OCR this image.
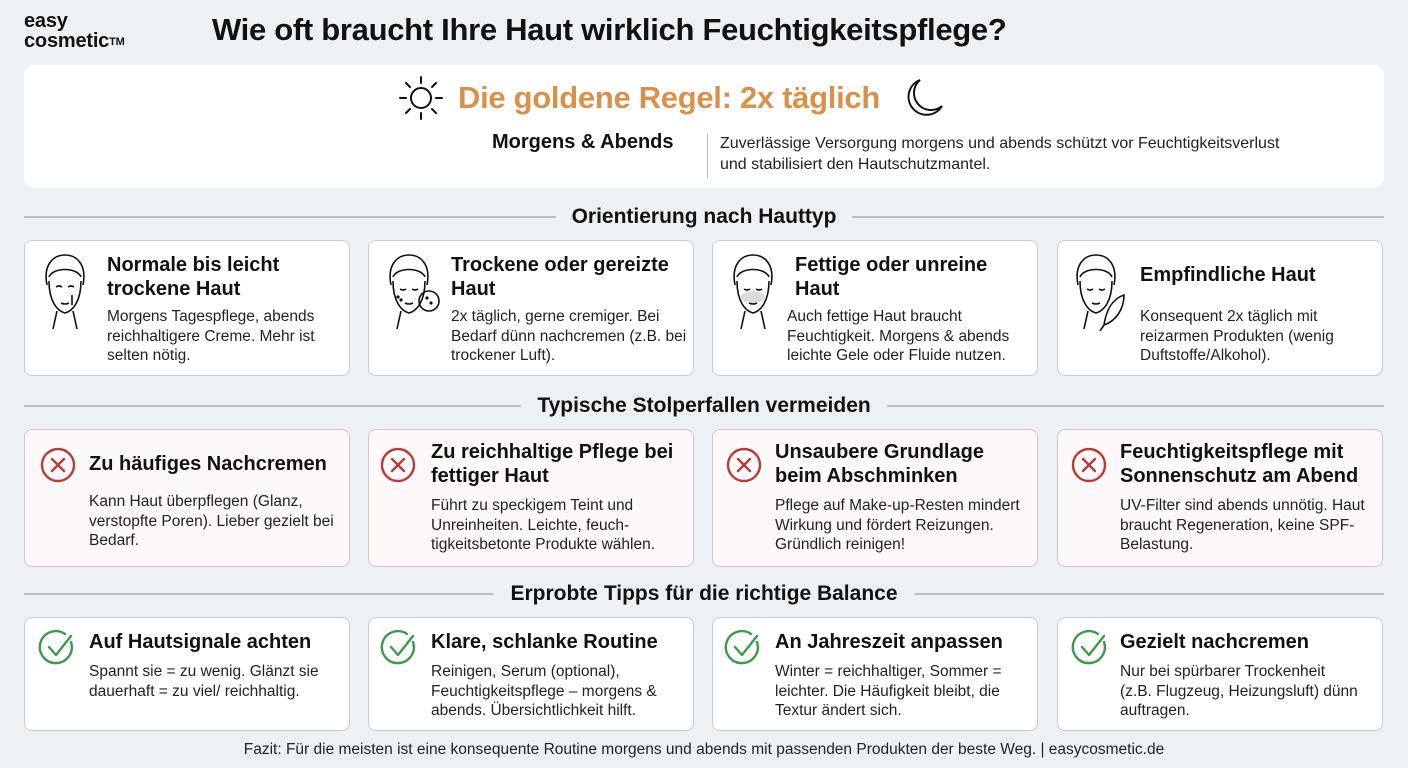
easy
cosmetic™	Wie oft braucht Ihre Haut wirklich Feuchtigkeitspflege?
Die goldene Regel: 2x täglich
Morgens & Abends	Zuverlässige Versorgung morgens und abends schützt vor Feuchtigkeitsverlust und stabilisiert den Hautschutzmantel.
Orientierung nach Hauttyp
Normale bis leicht trockene Haut
Morgens Tagespflege, abends reichhaltigere Creme. Mehr ist selten nötig.
Trockene oder gereizte Haut
2x täglich, gerne cremiger. Bei Bedarf dünn nachcremen (z.B. bei trockener Luft).
Fettige oder unreine Haut
Auch fettige Haut braucht Feuchtigkeit. Morgens & abends leichte Gele oder Fluide nutzen.
Empfindliche Haut
Konsequent 2x täglich mit reizarmen Produkten (wenig Duftstoffe/Alkohol).
Typische Stolperfallen vermeiden
Zu häufiges Nachcremen
Kann Haut überpflegen (Glanz, verstopfte Poren). Lieber gezielt bei Bedarf.
Zu reichhaltige Pflege bei fettiger Haut
Führt zu speckigem Teint und Unreinheiten. Leichte, feuch-tigkeitsbetonte Produkte wählen.
Unsaubere Grundlage beim Abschminken
Pflege auf Make-up-Resten mindert Wirkung und fördert Reizungen. Gründlich reinigen!
Feuchtigkeitspflege mit Sonnenschutz am Abend
UV-Filter sind abends unnötig. Haut braucht Regeneration, keine SPF-Belastung.
Erprobte Tipps für die richtige Balance
Auf Hautsignale achten
Spannt sie = zu wenig. Glänzt sie dauerhaft = zu viel/ reichhaltig.
Klare, schlanke Routine
Reinigen, Serum (optional), Feuchtigkeitspflege – morgens & abends. Übersichtlichkeit hilft.
An Jahreszeit anpassen
Winter = reichhaltiger, Sommer = leichter. Die Häufigkeit bleibt, die Textur ändert sich.
Gezielt nachcremen
Nur bei spürbarer Trockenheit (z.B. Flugzeug, Heizungsluft) dünn auftragen.
Fazit: Für die meisten ist eine konsequente Routine morgens und abends mit passenden Produkten der beste Weg. | easycosmetic.de
